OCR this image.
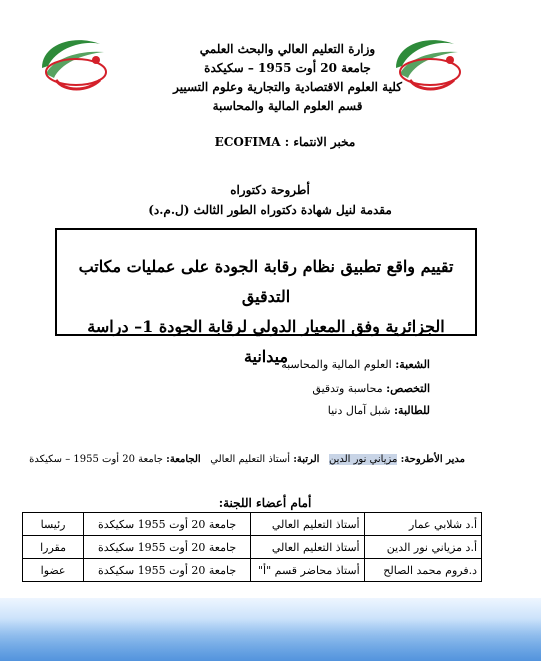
وزارة التعليم العالي والبحث العلمي
جامعة 20 أوت 1955 – سكيكدة
كلية العلوم الاقتصادية والتجارية وعلوم التسيير
قسم العلوم المالية والمحاسبة
مخبر الانتماء : ECOFIMA
أطروحة دكتوراه
مقدمة لنيل شهادة دكتوراه الطور الثالث (ل.م.د)
تقييم واقع تطبيق نظام رقابة الجودة على عمليات مكاتب التدقيق
الجزائرية وفق المعيار الدولي لرقابة الجودة 1– دراسة ميدانية	الشعبة: العلوم المالية والمحاسبة
التخصص: محاسبة وتدقيق
للطالبة: شبل آمال دنيا
مدير الأطروحة: مزياني نور الدين   الرتبة: أستاذ التعليم العالي   الجامعة: جامعة 20 أوت 1955 – سكيكدة
أمام أعضاء اللجنة:
أ.د شلابي عمار	أستاذ التعليم العالي	جامعة 20 أوت 1955 سكيكدة	رئيسا
أ.د مزياني نور الدين	أستاذ التعليم العالي	جامعة 20 أوت 1955 سكيكدة	مقررا
د.فروم محمد الصالح	أستاذ محاضر قسم "أ"	جامعة 20 أوت 1955 سكيكدة	عضوا
